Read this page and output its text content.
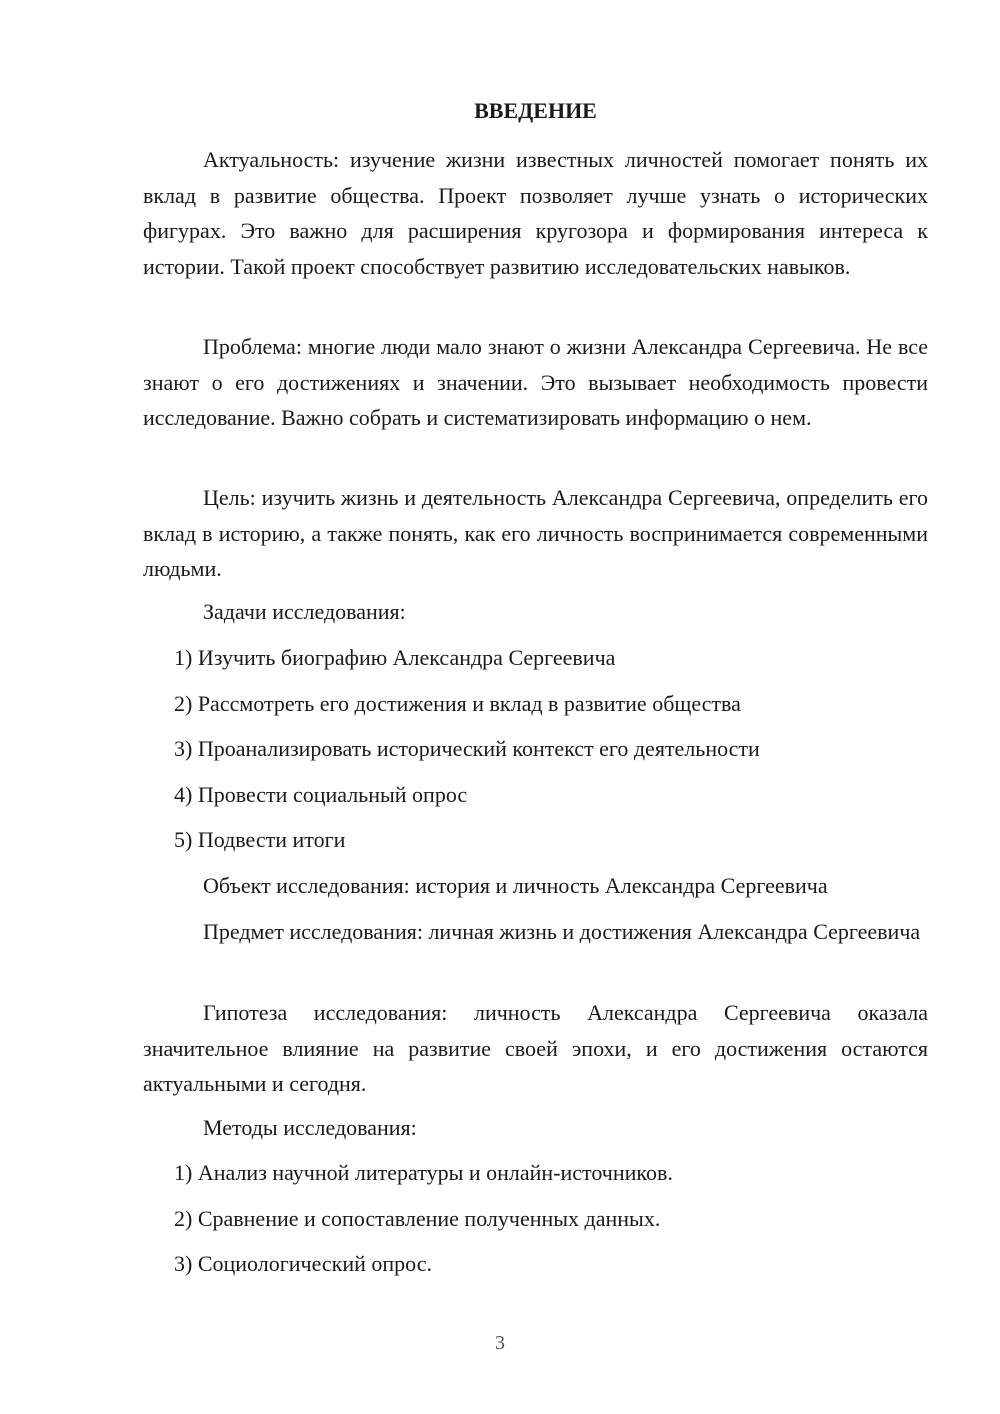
ВВЕДЕНИЕ

Актуальность: изучение жизни известных личностей помогает понять их вклад в развитие общества. Проект позволяет лучше узнать о исторических фигурах. Это важно для расширения кругозора и формирования интереса к истории. Такой проект способствует развитию исследовательских навыков.

Проблема: многие люди мало знают о жизни Александра Сергеевича. Не все знают о его достижениях и значении. Это вызывает необходимость провести исследование. Важно собрать и систематизировать информацию о нем.

Цель: изучить жизнь и деятельность Александра Сергеевича, определить его вклад в историю, а также понять, как его личность воспринимается современными людьми.

Задачи исследования:

1) Изучить биографию Александра Сергеевича

2) Рассмотреть его достижения и вклад в развитие общества

3) Проанализировать исторический контекст его деятельности

4) Провести социальный опрос

5) Подвести итоги

Объект исследования: история и личность Александра Сергеевича

Предмет исследования: личная жизнь и достижения Александра Сергеевича

Гипотеза исследования: личность Александра Сергеевича оказала значительное влияние на развитие своей эпохи, и его достижения остаются актуальными и сегодня.

Методы исследования:

1) Анализ научной литературы и онлайн-источников.

2) Сравнение и сопоставление полученных данных.

3) Социологический опрос.

3
